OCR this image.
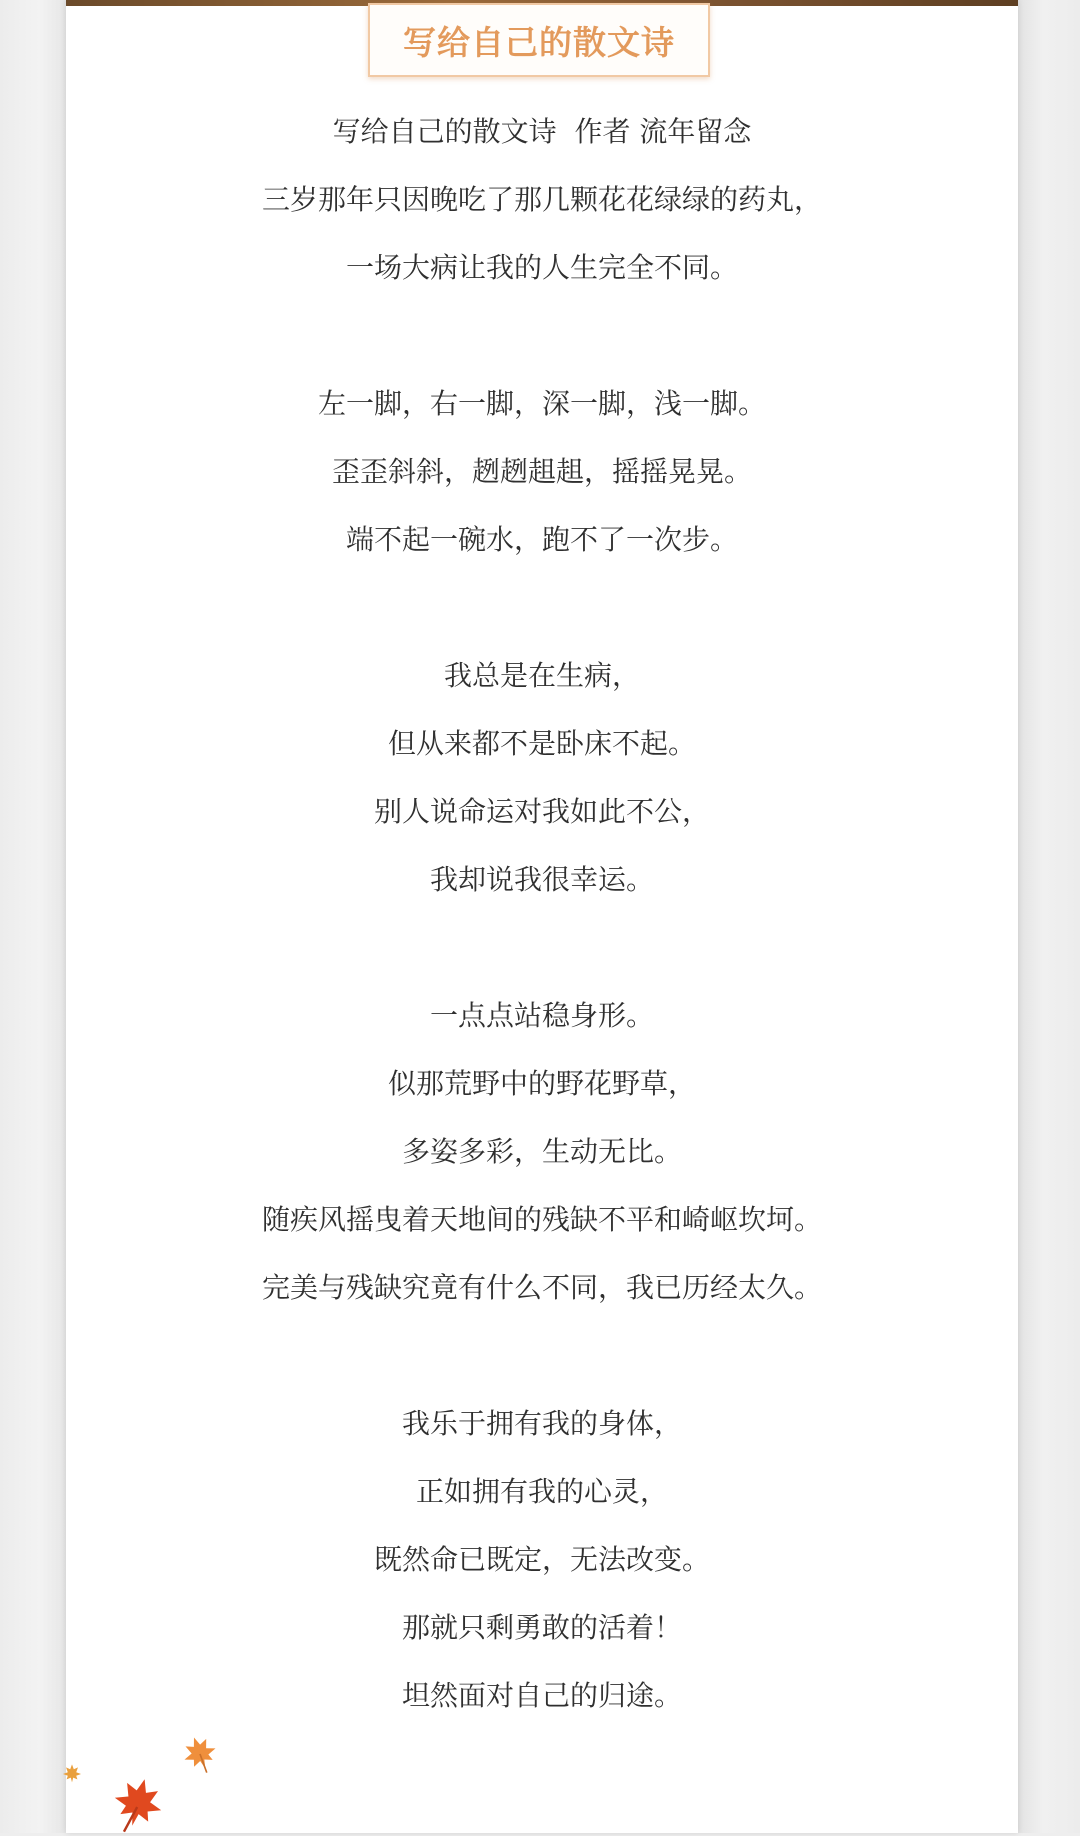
写给自己的散文诗
写给自己的散文诗  作者 流年留念
三岁那年只因晚吃了那几颗花花绿绿的药丸，
一场大病让我的人生完全不同。
左一脚，右一脚，深一脚，浅一脚。
歪歪斜斜，趔趔趄趄，摇摇晃晃。
端不起一碗水，跑不了一次步。
我总是在生病，
但从来都不是卧床不起。
别人说命运对我如此不公，
我却说我很幸运。
一点点站稳身形。
似那荒野中的野花野草，
多姿多彩，生动无比。
随疾风摇曳着天地间的残缺不平和崎岖坎坷。
完美与残缺究竟有什么不同，我已历经太久。
我乐于拥有我的身体，
正如拥有我的心灵，
既然命已既定，无法改变。
那就只剩勇敢的活着！
坦然面对自己的归途。
